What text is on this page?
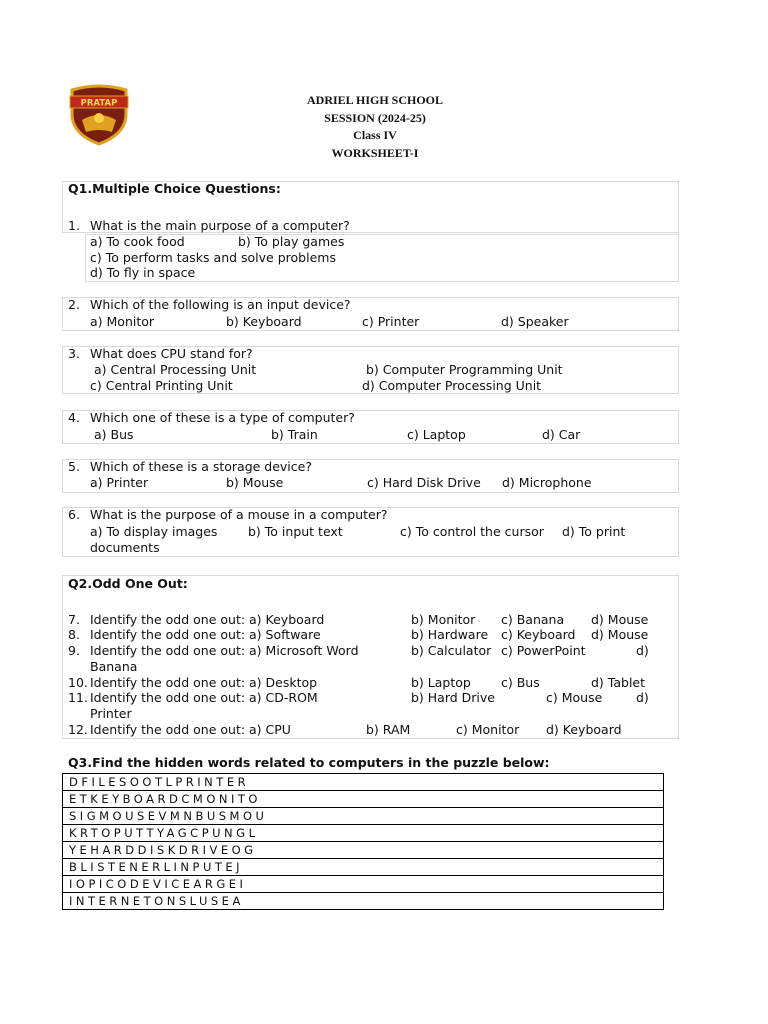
PRATAP	ADRIEL HIGH SCHOOL
SESSION (2024-25)
Class IV
WORKSHEET-I
Q1.Multiple Choice Questions:
1. What is the main purpose of a computer?
a) To cook food	b) To play games
c) To perform tasks and solve problems
d) To fly in space
2. Which of the following is an input device?
a) Monitor	b) Keyboard	c) Printer	d) Speaker
3. What does CPU stand for?
a) Central Processing Unit	b) Computer Programming Unit
c) Central Printing Unit	d) Computer Processing Unit
4. Which one of these is a type of computer?
a) Bus	b) Train	c) Laptop	d) Car
5. Which of these is a storage device?
a) Printer	b) Mouse	c) Hard Disk Drive d) Microphone
6. What is the purpose of a mouse in a computer?
a) To display images b) To input text	c) To control the cursor d) To print
documents
Q2.Odd One Out:
7. Identify the odd one out: a) Keyboard	b) Monitor c) Banana d) Mouse
8. Identify the odd one out: a) Software	b) Hardware c) Keyboard d) Mouse
9. Identify the odd one out: a) Microsoft Word	b) Calculator c) PowerPoint	d)
Banana
10. Identify the odd one out: a) Desktop	b) Laptop c) Bus	d) Tablet
11. Identify the odd one out: a) CD-ROM	b) Hard Drive	c) Mouse	d)
Printer
12. Identify the odd one out: a) CPU	b) RAM	c) Monitor d) Keyboard
Q3.Find the hidden words related to computers in the puzzle below:
DFILESOOTLPRINTER
ETKEYBOARDCMONITO
SIGMOUSEVMNBUSMOU
KRTOPUTTYAGCPUNGL
YEHARDDISKDRIVEOG
BLISTENERLINPUTEJ
IOPICODEVICEARGEI
INTERNETONSLUSEA
